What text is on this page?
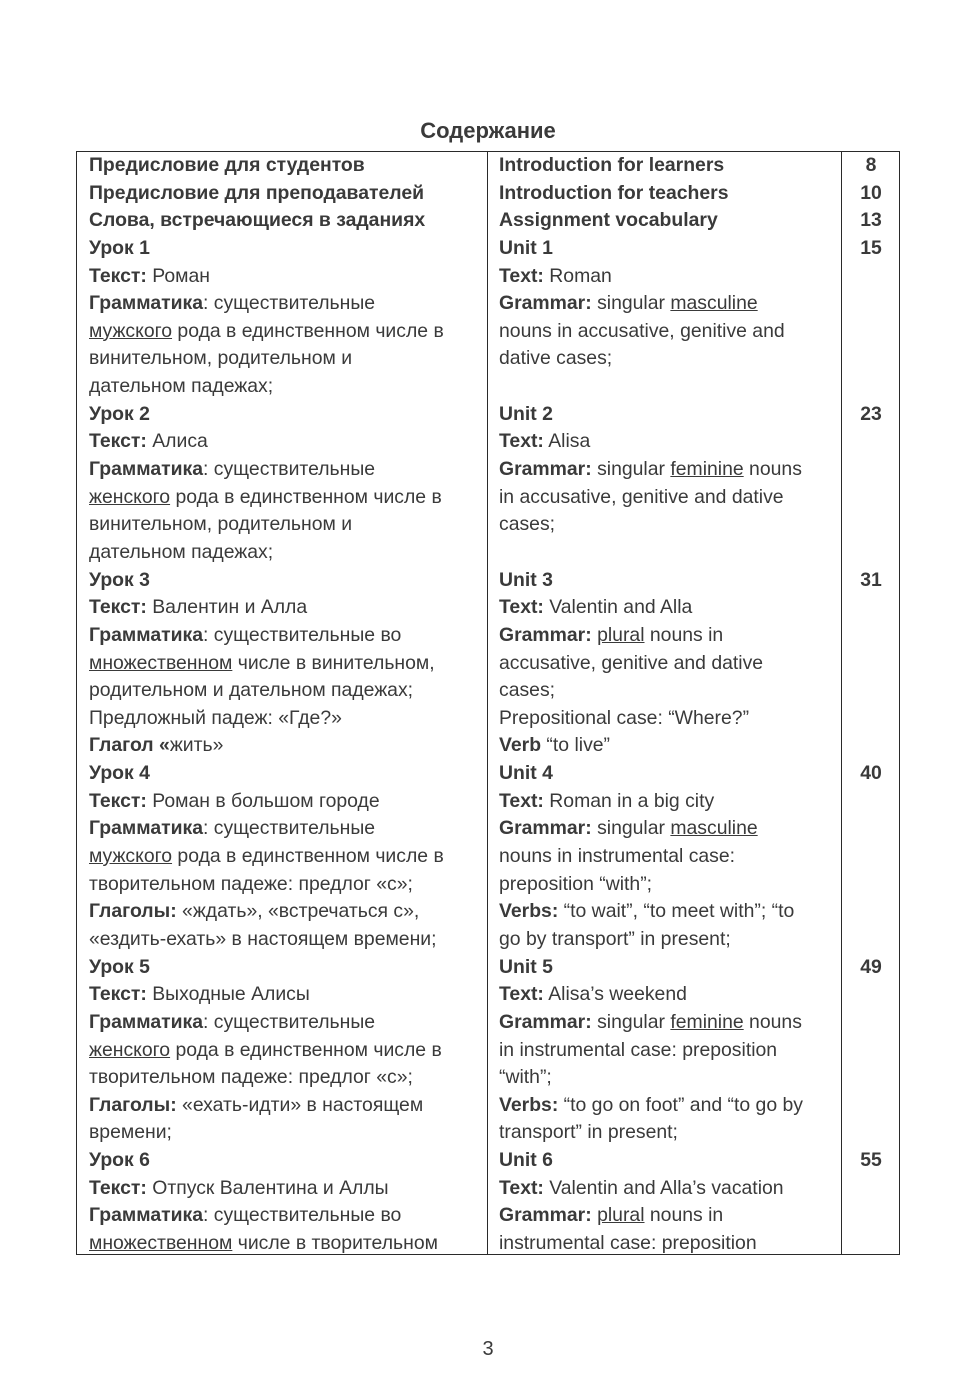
Содержание
Предисловие для студентов
Предисловие для преподавателей
Слова, встречающиеся в заданиях
Урок 1
Текст: Роман
Грамматика: существительные
мужского рода в единственном числе в
винительном, родительном и
дательном падежах;
Урок 2
Текст: Алиса
Грамматика: существительные
женского рода в единственном числе в
винительном, родительном и
дательном падежах;
Урок 3
Текст: Валентин и Алла
Грамматика: существительные во
множественном числе в винительном,
родительном и дательном падежах;
Предложный падеж: «Где?»
Глагол «жить»
Урок 4
Текст: Роман в большом городе
Грамматика: существительные
мужского рода в единственном числе в
творительном падеже: предлог «с»;
Глаголы: «ждать», «встречаться с»,
«ездить-ехать» в настоящем времени;
Урок 5
Текст: Выходные Алисы
Грамматика: существительные
женского рода в единственном числе в
творительном падеже: предлог «с»;
Глаголы: «ехать-идти» в настоящем
времени;
Урок 6
Текст: Отпуск Валентина и Аллы
Грамматика: существительные во
множественном числе в творительном
Introduction for learners
Introduction for teachers
Assignment vocabulary
Unit 1
Text: Roman
Grammar: singular masculine
nouns in accusative, genitive and
dative cases;
Unit 2
Text: Alisa
Grammar: singular feminine nouns
in accusative, genitive and dative
cases;
Unit 3
Text: Valentin and Alla
Grammar: plural nouns in
accusative, genitive and dative
cases;
Prepositional case: “Where?”
Verb “to live”
Unit 4
Text: Roman in a big city
Grammar: singular masculine
nouns in instrumental case:
preposition “with”;
Verbs: “to wait”, “to meet with”; “to
go by transport” in present;
Unit 5
Text: Alisa’s weekend
Grammar: singular feminine nouns
in instrumental case: preposition
“with”;
Verbs: “to go on foot” and “to go by
transport” in present;
Unit 6
Text: Valentin and Alla’s vacation
Grammar: plural nouns in
instrumental case: preposition
8
10
13
15
23
31
40
49
55
3
